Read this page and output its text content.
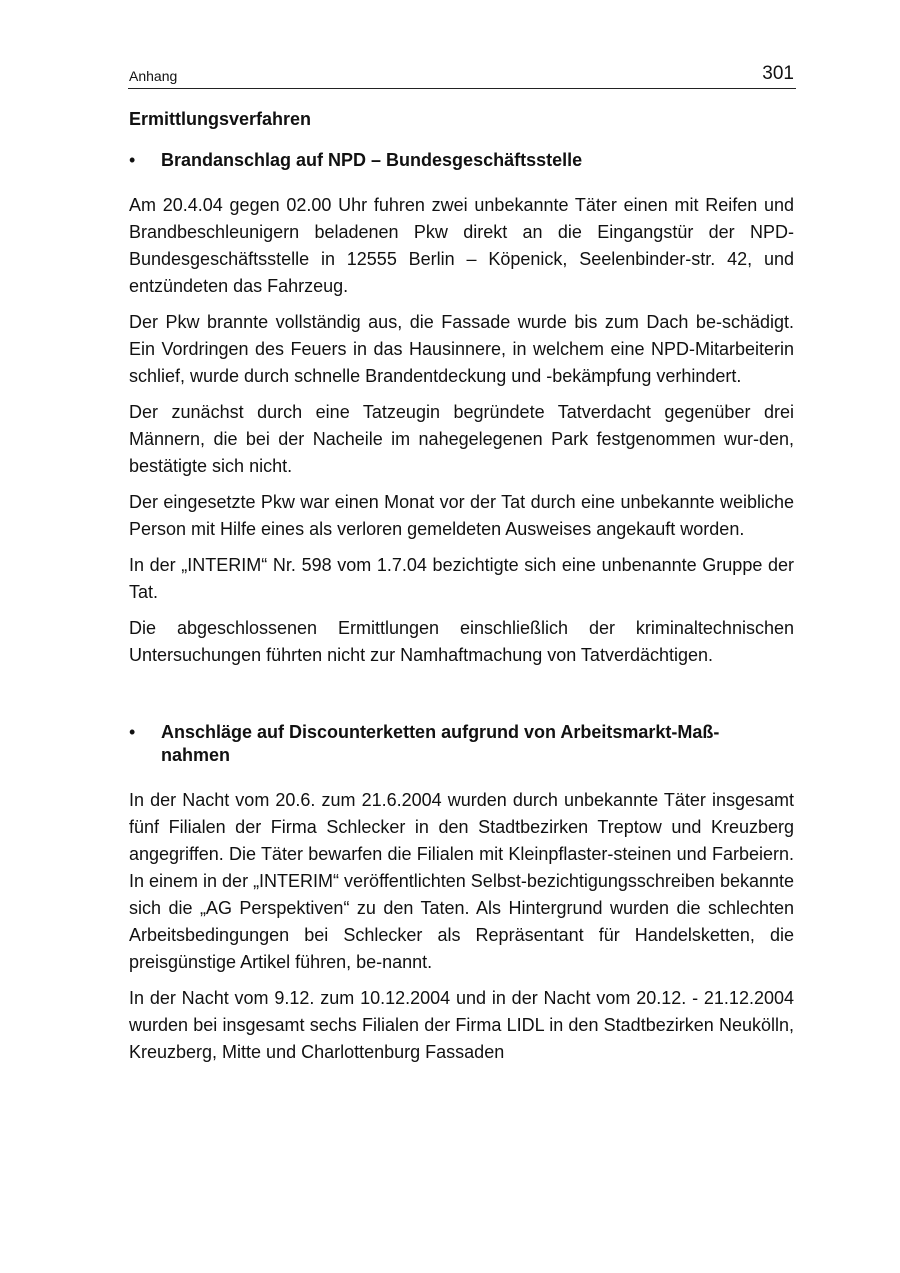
Anhang	301
Ermittlungsverfahren
•	Brandanschlag auf NPD – Bundesgeschäftsstelle

Am 20.4.04 gegen 02.00 Uhr fuhren zwei unbekannte Täter einen mit Reifen und Brandbeschleunigern beladenen Pkw direkt an die Eingangstür der NPD-Bundesgeschäftsstelle in 12555 Berlin – Köpenick, Seelenbinder-str. 42, und entzündeten das Fahrzeug.

Der Pkw brannte vollständig aus, die Fassade wurde bis zum Dach be-schädigt. Ein Vordringen des Feuers in das Hausinnere, in welchem eine NPD-Mitarbeiterin schlief, wurde durch schnelle Brandentdeckung und -bekämpfung verhindert.

Der zunächst durch eine Tatzeugin begründete Tatverdacht gegenüber drei Männern, die bei der Nacheile im nahegelegenen Park festgenommen wur-den, bestätigte sich nicht.

Der eingesetzte Pkw war einen Monat vor der Tat durch eine unbekannte weibliche Person mit Hilfe eines als verloren gemeldeten Ausweises angekauft worden.

In der „INTERIM“ Nr. 598 vom 1.7.04 bezichtigte sich eine unbenannte Gruppe der Tat.

Die abgeschlossenen Ermittlungen einschließlich der kriminaltechnischen Untersuchungen führten nicht zur Namhaftmachung von Tatverdächtigen.

•	Anschläge auf Discounterketten aufgrund von Arbeitsmarkt-Maß-
nahmen

In der Nacht vom 20.6. zum 21.6.2004 wurden durch unbekannte Täter insgesamt fünf Filialen der Firma Schlecker in den Stadtbezirken Treptow und Kreuzberg angegriffen. Die Täter bewarfen die Filialen mit Kleinpflaster-steinen und Farbeiern. In einem in der „INTERIM“ veröffentlichten Selbst-bezichtigungsschreiben bekannte sich die „AG Perspektiven“ zu den Taten. Als Hintergrund wurden die schlechten Arbeitsbedingungen bei Schlecker als Repräsentant für Handelsketten, die preisgünstige Artikel führen, be-nannt.

In der Nacht vom 9.12. zum 10.12.2004 und in der Nacht vom 20.12. - 21.12.2004 wurden bei insgesamt sechs Filialen der Firma LIDL in den Stadtbezirken Neukölln, Kreuzberg, Mitte und Charlottenburg Fassaden
